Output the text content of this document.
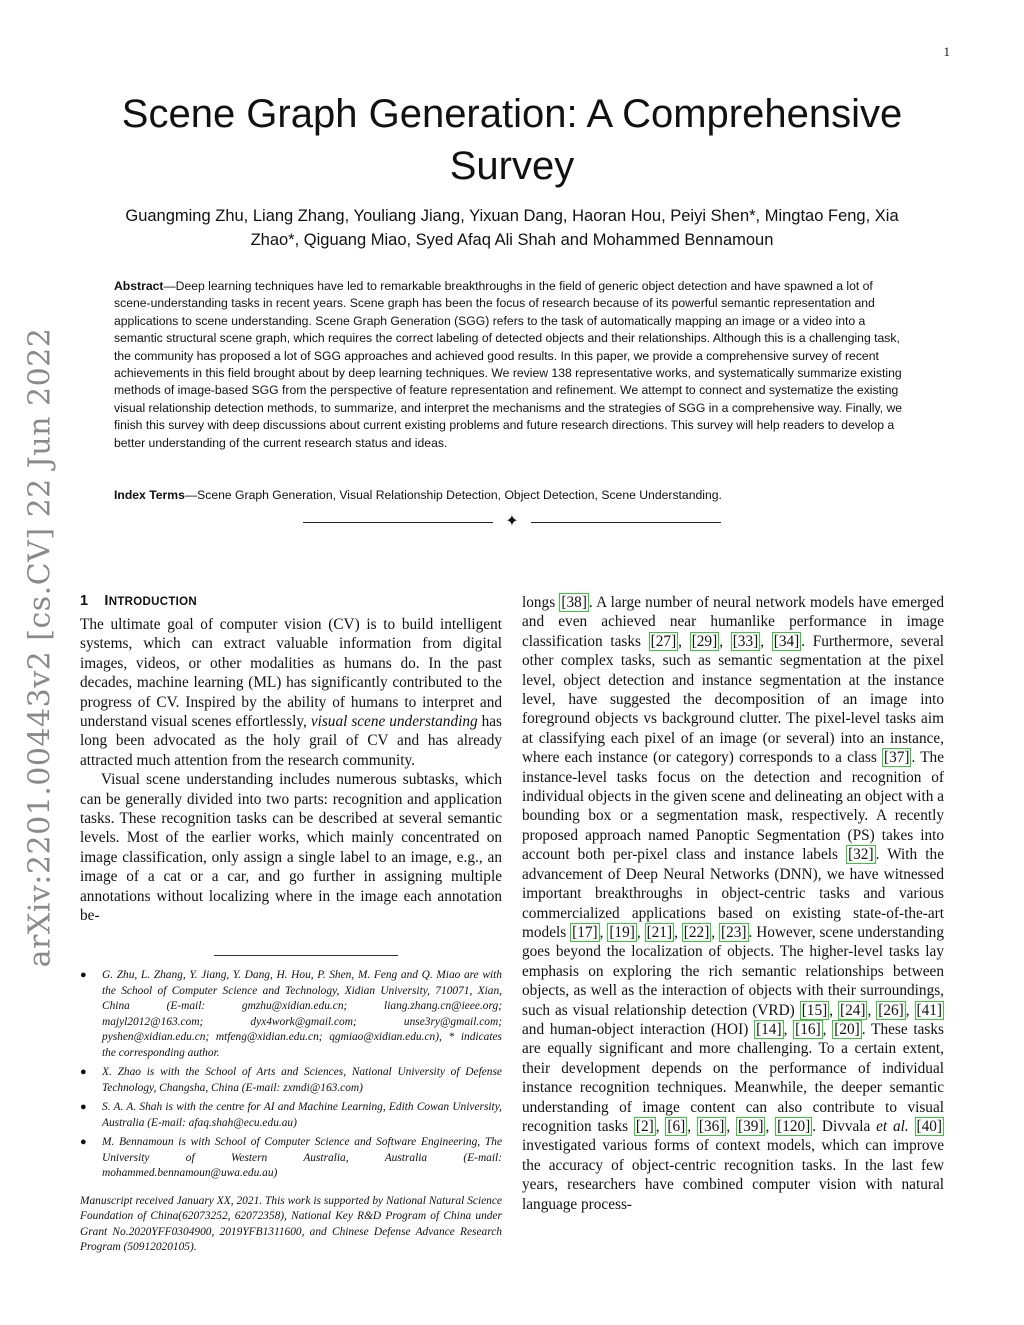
1
arXiv:2201.00443v2 [cs.CV] 22 Jun 2022
Scene Graph Generation: A Comprehensive Survey
Guangming Zhu, Liang Zhang, Youliang Jiang, Yixuan Dang, Haoran Hou, Peiyi Shen*, Mingtao Feng, Xia Zhao*, Qiguang Miao, Syed Afaq Ali Shah and Mohammed Bennamoun
Abstract—Deep learning techniques have led to remarkable breakthroughs in the field of generic object detection and have spawned a lot of scene-understanding tasks in recent years. Scene graph has been the focus of research because of its powerful semantic representation and applications to scene understanding. Scene Graph Generation (SGG) refers to the task of automatically mapping an image or a video into a semantic structural scene graph, which requires the correct labeling of detected objects and their relationships. Although this is a challenging task, the community has proposed a lot of SGG approaches and achieved good results. In this paper, we provide a comprehensive survey of recent achievements in this field brought about by deep learning techniques. We review 138 representative works, and systematically summarize existing methods of image-based SGG from the perspective of feature representation and refinement. We attempt to connect and systematize the existing visual relationship detection methods, to summarize, and interpret the mechanisms and the strategies of SGG in a comprehensive way. Finally, we finish this survey with deep discussions about current existing problems and future research directions. This survey will help readers to develop a better understanding of the current research status and ideas.
Index Terms—Scene Graph Generation, Visual Relationship Detection, Object Detection, Scene Understanding.
✦
1 INTRODUCTION

The ultimate goal of computer vision (CV) is to build intelligent systems, which can extract valuable information from digital images, videos, or other modalities as humans do. In the past decades, machine learning (ML) has significantly contributed to the progress of CV. Inspired by the ability of humans to interpret and understand visual scenes effortlessly, visual scene understanding has long been advocated as the holy grail of CV and has already attracted much attention from the research community.

Visual scene understanding includes numerous subtasks, which can be generally divided into two parts: recognition and application tasks. These recognition tasks can be described at several semantic levels. Most of the earlier works, which mainly concentrated on image classification, only assign a single label to an image, e.g., an image of a cat or a car, and go further in assigning multiple annotations without localizing where in the image each annotation be-

● G. Zhu, L. Zhang, Y. Jiang, Y. Dang, H. Hou, P. Shen, M. Feng and Q. Miao are with the School of Computer Science and Technology, Xidian University, 710071, Xian, China (E-mail: gmzhu@xidian.edu.cn; liang.zhang.cn@ieee.org; majyl2012@163.com; dyx4work@gmail.com; unse3ry@gmail.com; pyshen@xidian.edu.cn; mtfeng@xidian.edu.cn; qgmiao@xidian.edu.cn), * indicates the corresponding author.
● X. Zhao is with the School of Arts and Sciences, National University of Defense Technology, Changsha, China (E-mail: zxmdi@163.com)
● S. A. A. Shah is with the centre for AI and Machine Learning, Edith Cowan University, Australia (E-mail: afaq.shah@ecu.edu.au)
● M. Bennamoun is with School of Computer Science and Software Engineering, The University of Western Australia, Australia (E-mail: mohammed.bennamoun@uwa.edu.au)

Manuscript received January XX, 2021. This work is supported by National Natural Science Foundation of China(62073252, 62072358), National Key R&D Program of China under Grant No.2020YFF0304900, 2019YFB1311600, and Chinese Defense Advance Research Program (50912020105).

longs [38] . A large number of neural network models have emerged and even achieved near humanlike performance in image classification tasks [27] , [29] , [33] , [34] . Furthermore, several other complex tasks, such as semantic segmentation at the pixel level, object detection and instance segmentation at the instance level, have suggested the decomposition of an image into foreground objects vs background clutter. The pixel-level tasks aim at classifying each pixel of an image (or several) into an instance, where each instance (or category) corresponds to a class [37] . The instance-level tasks focus on the detection and recognition of individual objects in the given scene and delineating an object with a bounding box or a segmentation mask, respectively. A recently proposed approach named Panoptic Segmentation (PS) takes into account both per-pixel class and instance labels [32] . With the advancement of Deep Neural Networks (DNN), we have witnessed important breakthroughs in object-centric tasks and various commercialized applications based on existing state-of-the-art models [17] , [19] , [21] , [22] , [23] . However, scene understanding goes beyond the localization of objects. The higher-level tasks lay emphasis on exploring the rich semantic relationships between objects, as well as the interaction of objects with their surroundings, such as visual relationship detection (VRD) [15] , [24] , [26] , [41] and human-object interaction (HOI) [14] , [16] , [20] . These tasks are equally significant and more challenging. To a certain extent, their development depends on the performance of individual instance recognition techniques. Meanwhile, the deeper semantic understanding of image content can also contribute to visual recognition tasks [2] , [6] , [36] , [39] , [120] . Divvala et al. [40] investigated various forms of context models, which can improve the accuracy of object-centric recognition tasks. In the last few years, researchers have combined computer vision with natural language process-
